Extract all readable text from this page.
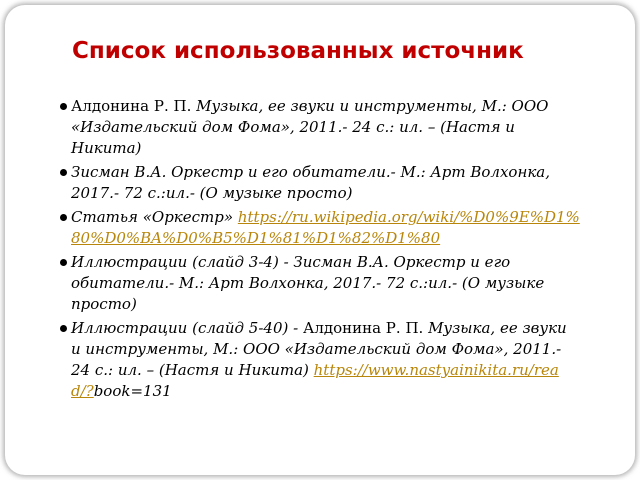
Список использованных источник
Алдонина Р. П. Музыка, ее звуки и инструменты, М.: ООО «Издательский дом Фома», 2011.- 24 с.: ил. – (Настя и Никита)
Зисман В.А. Оркестр и его обитатели.- М.: Арт Волхонка, 2017.- 72 с.:ил.- (О музыке просто)
Статья «Оркестр» https://ru.wikipedia.org/wiki/%D0%9E%D1%80%D0%BA%D0%B5%D1%81%D1%82%D1%80
Иллюстрации (слайд 3-4) - Зисман В.А. Оркестр и его обитатели.- М.: Арт Волхонка, 2017.- 72 с.:ил.- (О музыке просто)
Иллюстрации (слайд 5-40) - Алдонина Р. П. Музыка, ее звуки и инструменты, М.: ООО «Издательский дом Фома», 2011.- 24 с.: ил. – (Настя и Никита) https://www.nastyainikita.ru/read/?book=131
